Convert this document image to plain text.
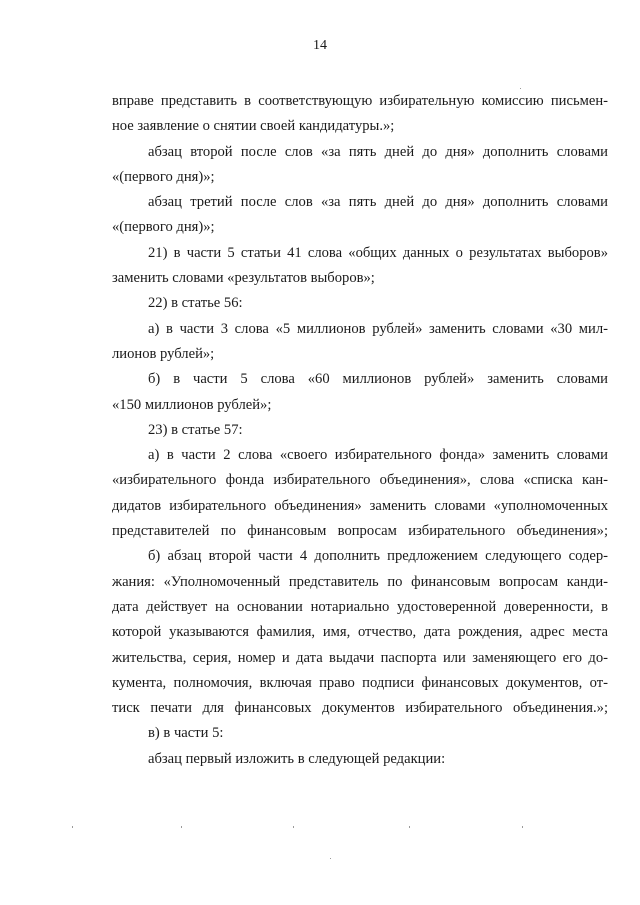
14
вправе представить в соответствующую избирательную комиссию письмен-
ное заявление о снятии своей кандидатуры.»;
абзац второй после слов «за пять дней до дня» дополнить словами
«(первого дня)»;
абзац третий после слов «за пять дней до дня» дополнить словами
«(первого дня)»;
21) в части 5 статьи 41 слова «общих данных о результатах выборов»
заменить словами «результатов выборов»;
22) в статье 56:
а) в части 3 слова «5 миллионов рублей» заменить словами «30 мил-
лионов рублей»;
б) в части 5 слова «60 миллионов рублей» заменить словами
«150 миллионов рублей»;
23) в статье 57:
а) в части 2 слова «своего избирательного фонда» заменить словами
«избирательного фонда избирательного объединения», слова «списка кан-
дидатов избирательного объединения» заменить словами «уполномоченных
представителей по финансовым вопросам избирательного объединения»;
б) абзац второй части 4 дополнить предложением следующего содер-
жания: «Уполномоченный представитель по финансовым вопросам канди-
дата действует на основании нотариально удостоверенной доверенности, в
которой указываются фамилия, имя, отчество, дата рождения, адрес места
жительства, серия, номер и дата выдачи паспорта или заменяющего его до-
кумента, полномочия, включая право подписи финансовых документов, от-
тиск печати для финансовых документов избирательного объединения.»;
в) в части 5:
абзац первый изложить в следующей редакции:
